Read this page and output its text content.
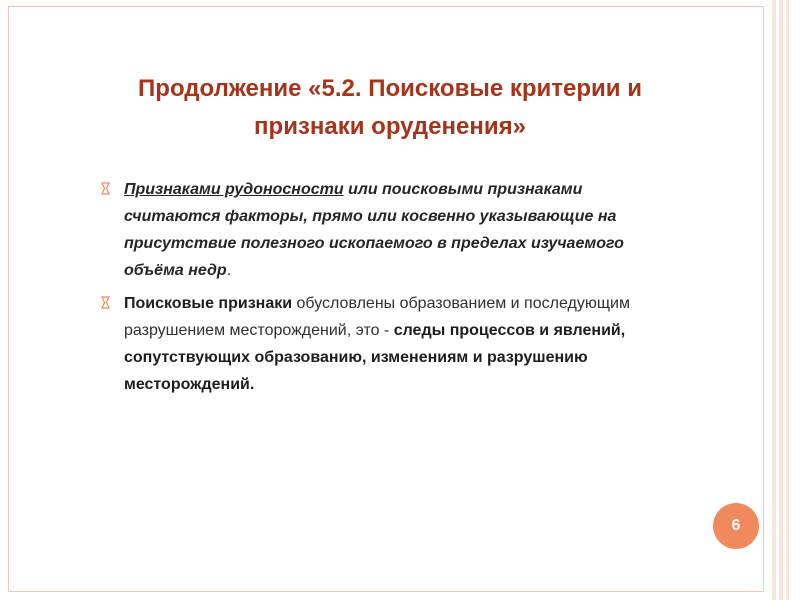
Продолжение «5.2. Поисковые критерии и
признаки оруденения»
Признаками рудоносности или поисковыми признаками считаются факторы, прямо или косвенно указывающие на присутствие полезного ископаемого в пределах изучаемого объёма недр.
Поисковые признаки обусловлены образованием и последующим разрушением месторождений, это - следы процессов и явлений, сопутствующих образованию, изменениям и разрушению месторождений.
6
